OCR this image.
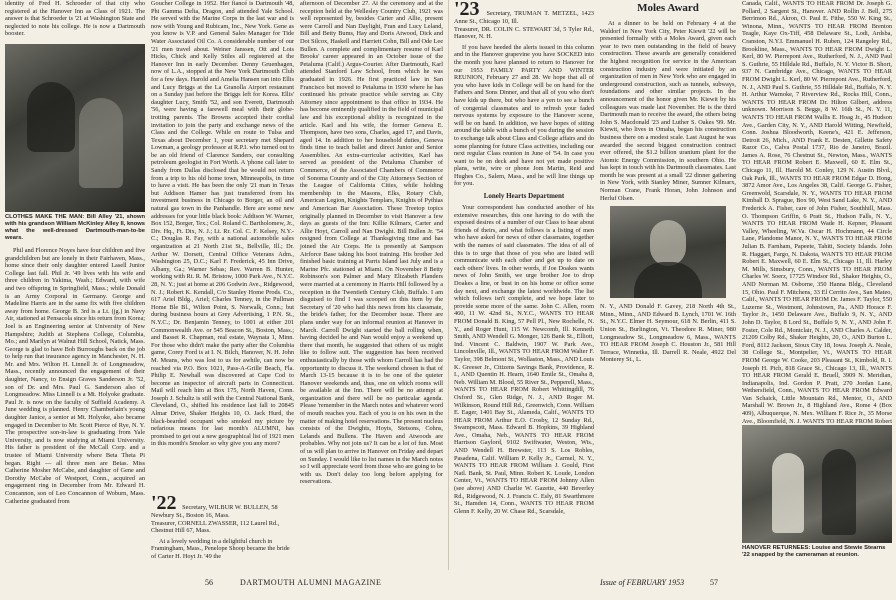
identity of Fred H. Schroeder of that city who registered at the Hanover Inn as Class of 1921. The answer is that Schroeder is '21 at Washington State and neglected to note his college. He is now a Dartmouth booster.

CLOTHES MAKE THE MAN: Bill Alley '21, shown with his grandson William McKinley Alley II, knows what the well-dressed Dartmouth-man-to-be wears.

Phil and Florence Noyes have four children and five grandchildren but are lonely in their Fairhaven, Mass., home since their only daughter entered Lasell Junior College last fall. Phil Jr. '49 lives with his wife and three children in Yakima, Wash.; Edward, with wife and two offspring in Springfield, Mass.; while Donald is an Army Corporal in Germany. George and Madeline Harris are in the same fix with five children away from home. George B. 3rd is a Lt. (jg.) in Navy Air, stationed at Pensacola since his return from Korea; Joel is an Engineering senior at University of New Hampshire; Judith at Stephens College, Columbia, Mo.; and Marilyn at Walnut Hill School, Natick, Mass. George is glad to have Bob Burroughs back on the job to help run that insurance agency in Manchester, N. H. Mr. and Mrs. Wilton H. Linnell Jr. of Longmeadow, Mass., recently announced the engagement of their daughter, Nancy, to Ensign Graves Sanderson Jr. '52, son of Dr. and Mrs. Paul G. Sanderson also of Longmeadow. Miss Linnell is a Mt. Holyoke graduate. Paul Jr. is now on the faculty of Suffield Academy. A June wedding is planned. Henry Chamberlain's young daughter Janice, a senior at Mt. Holyoke, also became engaged in December to Mr. Scott Pierce of Rye, N. Y. The prospective son-in-law is graduating from Yale University, and is now studying at Miami University. His father is president of the McCall Corp. and a trustee of Miami University where Beta Theta Pi began. Right — all three men are Betas. Miss Catherine Mosher McCabe, and daughter of Gene and Dorothy McCabe of Westport, Conn., acquired an engagement ring in December from Mr. Edward H. Concannon, son of Leo Concannon of Woburn, Mass. Catherine graduated from

Goucher College in 1952. Her fiancé is Dartmouth '48, Phi Gamma Delta, Dragon, and attended Yale School. He served with the Marine Corps in the last war and is now with Young and Rubicam, Inc., New York. Gene as you know is V.P. and General Sales Manager for Tide Water Associated Oil Co. A considerable number of our '21 men travel about. Weiner Janssen, Ott and Lois Hicks, Chick and Kelly Stiles all registered at the Hanover Inn in early December. Denny Gruenhagen, now of L.A., stopped at the New York Dartmouth Club for a few days. Harold and Amelia Hansen ran into Ellis and Lucy Briggs at the La Granolla Airport restaurant on a Sunday just before the Briggs left for Korea. Ellis' daughter Lucy, Smith '52, and son Everett, Dartmouth '56, were having a farewell meal with their globe-trotting parents. The Browns accepted their cordial invitation to join the party and exchange news of the Class and the College. While en route to Tulsa and Texas about December 1, your secretary met Shepard Lowman, a geology professor at R.P.I. who turned out to be an old friend of Clarence Sanders, our consulting petroleum geologist in Fort Worth. A 'phone call later to Sandy from Dallas disclosed that he would not return from a trip to his old home town, Minneapolis, in time to have a visit. He has been the only '21 man in Texas but Addison Hamer has just transferred from his investment business in Chicago to Borger, an oil and natural gas town in the Panhandle. Here are some new addresses for your little black book: Addison W. Warner, Box 152, Borger, Tex.; Col. Roland C. Bartholomew, Jr., Div. Hq., Ft. Dix, N. J.; Lt. Rr. Col. C. F. Kelsey, N.Y.-C.; Douglas R. Fay, with a national automobile sales organization at 21 North 21st St., Bellville, Ill.; Dr. Arthur W. Dorsett, Central Office Veterans Adm., Washington 25, D.C.; Karl F. Frederick, 45 Inn Drive, Albany, Ga.; Warner Sebas; Rev. Warren B. Hunter, working with Rt. R. M. Bristow, 1000 Park Ave., N.Y.C. 28, N. Y.; just at home at 206 Godwin Ave., Ridgewood, N. J.; Robert K. Kendall, C/o Stanley Home Prods. Co., 617 Ariel Bldg., Ariel; Charles Tenney, in the Pullman Home Ble Bl., Wilton Point, S. Norwalk, Conn.; but during business hours at Grey Advertising, 1 P.N. St., N.Y.C.; Dr. Benjamin Tenney, to 1001 at either 201 Commonwealth Ave. or 545 Beacon St., Boston, Mass.; and Basset R. Chapman, real estate, Waynata 1, Minn. For those who didn't make the party after the Columbia game, Corey Ford is at I. N. Bilch, Hanover, N. H. John M. Means, who was lost to us for awhile, can now be reached via P.O. Box 1021, Pass-A-Grille Beach, Fla. Philip E. Newhall was discovered at Cape Cod to become an inspector of aircraft parts in Connecticut. Mail will reach him at Box 175, North Haven, Conn. Joseph J. Schultz is still with the Central National Bank, Cleveland, O., shifted his residence last fall to 20845 Almar Drive, Shaker Heights 10, O. Jack Hurd, the black-bearded occupant who smoked my picture by nefarious means for last month's ALUMNI, has promised to get out a new geographical list of 1921 men in this month's Smoker so why give you any more?

afternoon of December 27. At the ceremony and at the reception held at the Wellesley Country Club, 1921 was well represented by, besides Carter and Allie, present were Carroll and Nan Daylight, Fran and Lucy Leland, Bill and Betty Bums, Hay and Doris Atwood, Dick and Dot Silcox, Haskell and Harriett Cohn, Bill and Ode Lee Bullen. A complete and complimentary resume of Karl Brooks' career appeared in an October issue of the Petaluma (Calif.) Argus-Courier. After Dartmouth, Karl attended Stanford Law School, from which he was graduated in 1926. He first practiced law in San Francisco but moved to Petaluma in 1930 where he has continued his private practice while serving as City Attorney since appointment to that office in 1934. He has become eminently qualified in the field of municipal law and his exceptional ability is recognized in the article. Karl and his wife, the former Geneva E. Thompson, have two sons, Charles, aged 17, and Davis, aged 14. In addition to her household duties, Geneva finds time to teach ballet and direct Junior and Senior Assemblies. An extra-curricular activities, Karl has served as president of the Petaluma Chamber of Commerce, of the Associated Chambers of Commerce of Sonoma County and of the City Attorneys Section of the League of California Cities, while holding membership in the Masons, Elks, Rotary Club, American Legion, Knights Templars, Knights of Pythias and American Bar Association. These Treetop topics originally planned in December to visit Hanover a few days as guests of the Inn: Killie Kilmarx, Carter and Allie Hoyt, Carroll and Nan Dwight. Bill Bullen Jr. '54 resigned from College at Thanksgiving time and has joined the Air Corps. He is presently at Sampson Airforce Base taking his boot training. His brother Jed finished basic training at Parris Island last July and is a Marine Pfc. stationed at Miami. On November 8 Betty Robinson's son Palmer and Mary Elizabeth Flanders were married at a ceremony in Harris Hill followed by a reception in the Twentieth Century Club, Buffalo. I am disguised to find I was scooped on this item by the Secretary of '20 who had this news from his classmate, the bride's father, for the December issue. There are plans under way for an informal reunion at Hanover in March. Carroll Dwight started the ball rolling when, having decided he and Nan would enjoy a weekend up there that month, he suggested that others of us might like to follow suit. The suggestion has been received enthusiastically by those with whom Carroll has had the opportunity to discuss it. The weekend chosen is that of March 13-15 because it is to be one of the quieter Hanover weekends and, thus, one on which rooms will be available at the Inn. There will be no attempt at organization and there will be no particular agenda. Please 'remember in the March notes and whatever word of mouth reaches you. Each of you is on his own in the matter of making hotel reservations. The present nucleus consists of the Dwights, Hoyts, Stetsons, Cohns, Lelands and Bullens. The Haven and Atwoods are probables. Why not join us? It can be a lot of fun. Most of us will plan to arrive in Hanover on Friday and depart on Sunday. I would like to list names in the March notes so I will appreciate word from those who are going to be with us. Don't delay too long before applying for reservations.

'22 Secretary, WILBUR W. BULLEN, 58 Newbury St., Boston 16, Mass.
Treasurer, CORNELL ZWASSER, 112 Laurel Rd., Chestnut Hill 67, Mass.

At a lovely wedding in a delightful church in Framingham, Mass., Penelope Shoop became the bride of Carter H. Hoyt Jr. '49 the

56	DARTMOUTH ALUMNI MAGAZINE
'23 Secretary, TRUMAN T. METZEL, 1423 Anne St., Chicago 10, Ill.
Treasurer, DR. COLIN C. STEWART 3d, 5 Tyler Rd., Hanover, N. H.

If you have heeded the alerts issued in this column and in the Hanover grapevine you have SOCKED into the month you have planned to return to Hanover for our 1953 FAMILY PARTY AND WINTER REUNION, February 27 and 28. We hope that all of you who have kids in College will be on hand for the Fathers and Sons Dinner, and that all of you who don't have kids up there, but who have a yen to see a bunch of congenial classmates and to refresh your faded nervous systems by exposure to the Hanover scene, will be on hand. In addition, we have hopes of sitting around the table with a bunch of you during the session to exchange talk about Class and College affairs and do some planning for future Class activities, including our next regular Class reunion in June of '54. In case you want to be on deck and have not yet made positive plans, write, wire or phone Jom Martin, Reid and Hughes Co., Salem, Mass., and he will line things up for you.

Lonely Hearts Department

Your correspondent has conducted another of his extensive researches, this one having to do with the exposed desires of a number of our Class to hear about friends of theirs, and what follows is a listing of men who have asked for news of other classmates, together with the names of said classmates. The idea of all of this is to urge that those of you who are listed will communicate with each other and get up to date on each others' lives. In other words, if Joe Doakes wants news of John Smith, we urge brother Joe to drop Doakes a line, or bust in on his home or office some day next, and exchange the latest worldwide. The list which follows isn't complete, and we hope later to provide some more of the same. John C. Allen, room 460, 11 W. 42nd St., N.Y.C., WANTS TO HEAR FROM Donald B. King, 57 Pell Pl., New Rochelle, N. Y., and Roger Hunt, 115 W. Newcomb, Ill. Kenneth Smith, AND Wendell G. Monger, 126 Bank St., Elliott, Ind. Vincent C. Baldwin, 1907 W. Park Ave., Lincolnville, Ill., WANTS TO HEAR FROM Walter F. Taylor, 398 Belmont St., Wollaston, Mass., AND Louis K. Greeser Jr., Citizens Savings Bank, Providence, R. I., AND Quentin H. Hearn, 1640 Emile St., Omaha 8, Neb. William M. Blood, 55 River St., Pepperell, Mass., WANTS TO HEAR FROM Robert Whittingdill, 76 Oxford St., Glen Ridge, N. J., AND Roger M. Wilkinson, Round Hill Rd., Greenwich, Conn. William E. Eager, 1401 Bay St., Alameda, Calif., WANTS TO HEAR FROM Arthur E.O. Crosby, 12 Sunday Rd., Swampscott, Mass. Edward B. Hopkins, 39 Highland Ave., Omaha, Neb., WANTS TO HEAR FROM Harrison Gaylord, 9102 Swiftwater, Weston, Wis., AND Wendell H. Brewster, 113 S. Los Robles, Pasadena, Calif. William P. Kelly Jr., Carmel, N. Y., WANTS TO HEAR FROM William J. Gould, First Natl. Bank, St. Paul, Minn. Robert K. Loude, London Center, Vt., WANTS TO HEAR FROM Johnny Allen (see above) AND Charlie W. Gazette, 440 Beverley Rd., Ridgewood, N. J. Francis C. Esly, 81 Swarthmore St., Hamden 14, Conn., WANTS TO HEAR FROM Glenn F. Kelly, 20 W. Chase Rd., Scarsdale,

Moles Award

At a dinner to be held on February 4 at the Waldorf in New York City, Peter Kiewit '22 will be presented formally with a Moles Award, given each year to two men outstanding in the field of heavy construction. These awards are generally considered the highest recognition for service in the American construction industry and were initiated by an organization of men in New York who are engaged in underground construction, such as tunnels, subways, foundations and other similar projects. In the announcement of the honor given Mr. Kiewit by his colleagues was made last November. He is the third Dartmouth man to receive the award, the others being John S. Macdonald '23 and Luther S. Oakes '99. Mr. Kiewit, who lives in Omaha, began his construction business there on a modest scale. Last August he was awarded the second biggest construction contract ever offered, the $1.2 billion uranium plant for the Atomic Energy Commission, in southern Ohio. He has kept in touch with his Dartmouth classmates. Last month he was present at a small '22 dinner gathering in New York, with Stanley Miner, Sumner Kilmarx, Norman Crane, Frank Horan, John Johnson and Herluf Olsen.

N. Y., AND Donald F. Gavey, 218 North 4th St., Minn., Minn., AND Edward B. Lynch, 1701 W. 16th St., N.Y.C. Elmer H. Seymour, 618 N. Berlin, 411 S. Union St., Burlington, Vt. Theodore R. Miner, 980 Longmeadow St., Longmeadow 6, Mass., WANTS TO HEAR FROM Joseph C. Houston Jr., 581 Hill Terrace, Winnetka, Ill. Darrell R. Neale, 4922 Del Monterey St., L.

Canada, Calif., WANTS TO HEAR FROM Dr. Joseph G. Pollard, 2 Sargent St., Hanover. AND Rollin J. Bell, 275 Berrimon Rd., Akron, O. Paul E. Fithe, 550 W. King St., Winona, Minn., WANTS TO HEAR FROM Brenton Teagle, Kaye Ox-Tiff, 458 Delaware St., Lodi, Ardsba, Cranston, N.Y.I. Emmanuel H. Ruben, 124 Rangeley Rd., Brookline, Mass., WANTS TO HEAR FROM Dwight L. Kerl, 80 W. Pierrepont Ave., Rutherford, N. J., AND Paul S. Guthrie, 55 Hilldale Rd., Buffalo, N. Y. Victor B. Short, 937 N. Cambridge Ave., Chicago, WANTS TO HEAR FROM Dwight L. Kerl, 80 W. Pierrepont Ave., Rutherford, N. J., AND Paul S. Guthrie, 55 Hilldale Rd., Buffalo, N. Y. H. Arthur Warnoke, 7 Riverview Rd., Rocks Hill, Conn., WANTS TO HEAR FROM Dr. Hilton Gilbert, address unknown. Morrison S. Beggs, 8 W. 16th St., N. Y. 11, WANTS TO HEAR FROM Wallis E. Hoag Jr., 45 Hudson Ave., Garden City, N. Y., AND Harold Witting, Newfield, Conn. Joshua Bloodworth, Keene's, 421 E. Jefferson, Detroit 26, Mich., AND Frank E. Desten, Gillette Safety Razor Co., Calva Postal 1737, Rio de Janeiro, Brazil. James A. Rose, 76 Chestnut St., Newton, Mass., WANTS TO HEAR FROM Robert E. Maxwell, 60 E. Elm St., Chicago 11, Ill. Harold M. Conley, 129 N. Austin Blvd., Oak Park, Ill., WANTS TO HEAR FROM Edgar D. Hong, 3872 Amor Ave., Los Angeles 38, Calif. George G. Fisher, Greenwold, Scarsdale, N. Y., WANTS TO HEAR FROM Kimball D. Sprague, Box 90, West Sand Lake, N. Y., AND Frederick A. Fisher, care of John Fisher, Southhill, Mass. O. Thompson Griffin, 6 Pratt St., Hudson Falls, N. Y., WANTS TO HEAR FROM Wade H. Kepner, Pleasant Valley, Wheeling, W.Va. Oscar H. Hochmann, 44 Circle Lane, Plandome Manor, N. Y., WANTS TO HEAR FROM Julian B. Farnham, Papeete, Tahiti, Society Islands. John R. Haggart, Fargo, N. Dakota, WANTS TO HEAR FROM Robert E. Maxwell, 60 E. Elm St., Chicago 11, Ill. Harley M. Mills, Simsbury, Conn., WANTS TO HEAR FROM Charles W. Soerz, 17725 Windsor Rd., Shaker Heights, O., AND Norman M. Osborne, 350 Hanna Bldg., Cleveland 15, Ohio. Paul F. Mitchens, 33 El Cerrito Ave., San Mateo, Calif., WANTS TO HEAR FROM Dr. James F. Taylor, 550 Luzerne St., Westmont, Johnstown, Pa., AND Horace F. Taylor Jr., 1450 Delaware Ave., Buffalo 9, N. Y., AND John D. Taylor, 8 Lord St., Buffalo 9, N. Y., AND John F. Foster, Cole Rd., Montclair, N. J., AND Charles A. Calder, 21209 Colby Rd., Shaker Heights, 20, O., AND Burton L. Ford, 8112 Jackson, Sioux City 18, Iowa. Joseph A. Neale, 38 College St., Montpelier, Vt., WANTS TO HEAR FROM George W. Cooke, 203 Pleasant St., Kimbold, R. I. Joseph H. Pich, 818 Grace St., Chicago 13, Ill., WANTS TO HEAR FROM Gerald E. Bruell, 3909 N. Meridian, Indianapolis, Ind. Gordon P. Pratt, 270 Jordan Lane, Wethersfield, Conn., WANTS TO HEAR FROM Edward Van Schaick, Little Mountain Rd., Mentor, O., AND Marshall W. Brown Jr., 8 Highland Ave., Rome 4 (Box 409), Albuquerque, N. Mex. William F. Rice Jr., 35 Morse Ave., Bloomfield, N. J. WANTS TO HEAR FROM Robert

HANOVER RETURNEES: Louise and Stewie Stearns '22 snapped by the cameraman at reunion.
Issue of FEBRUARY 1953	57
